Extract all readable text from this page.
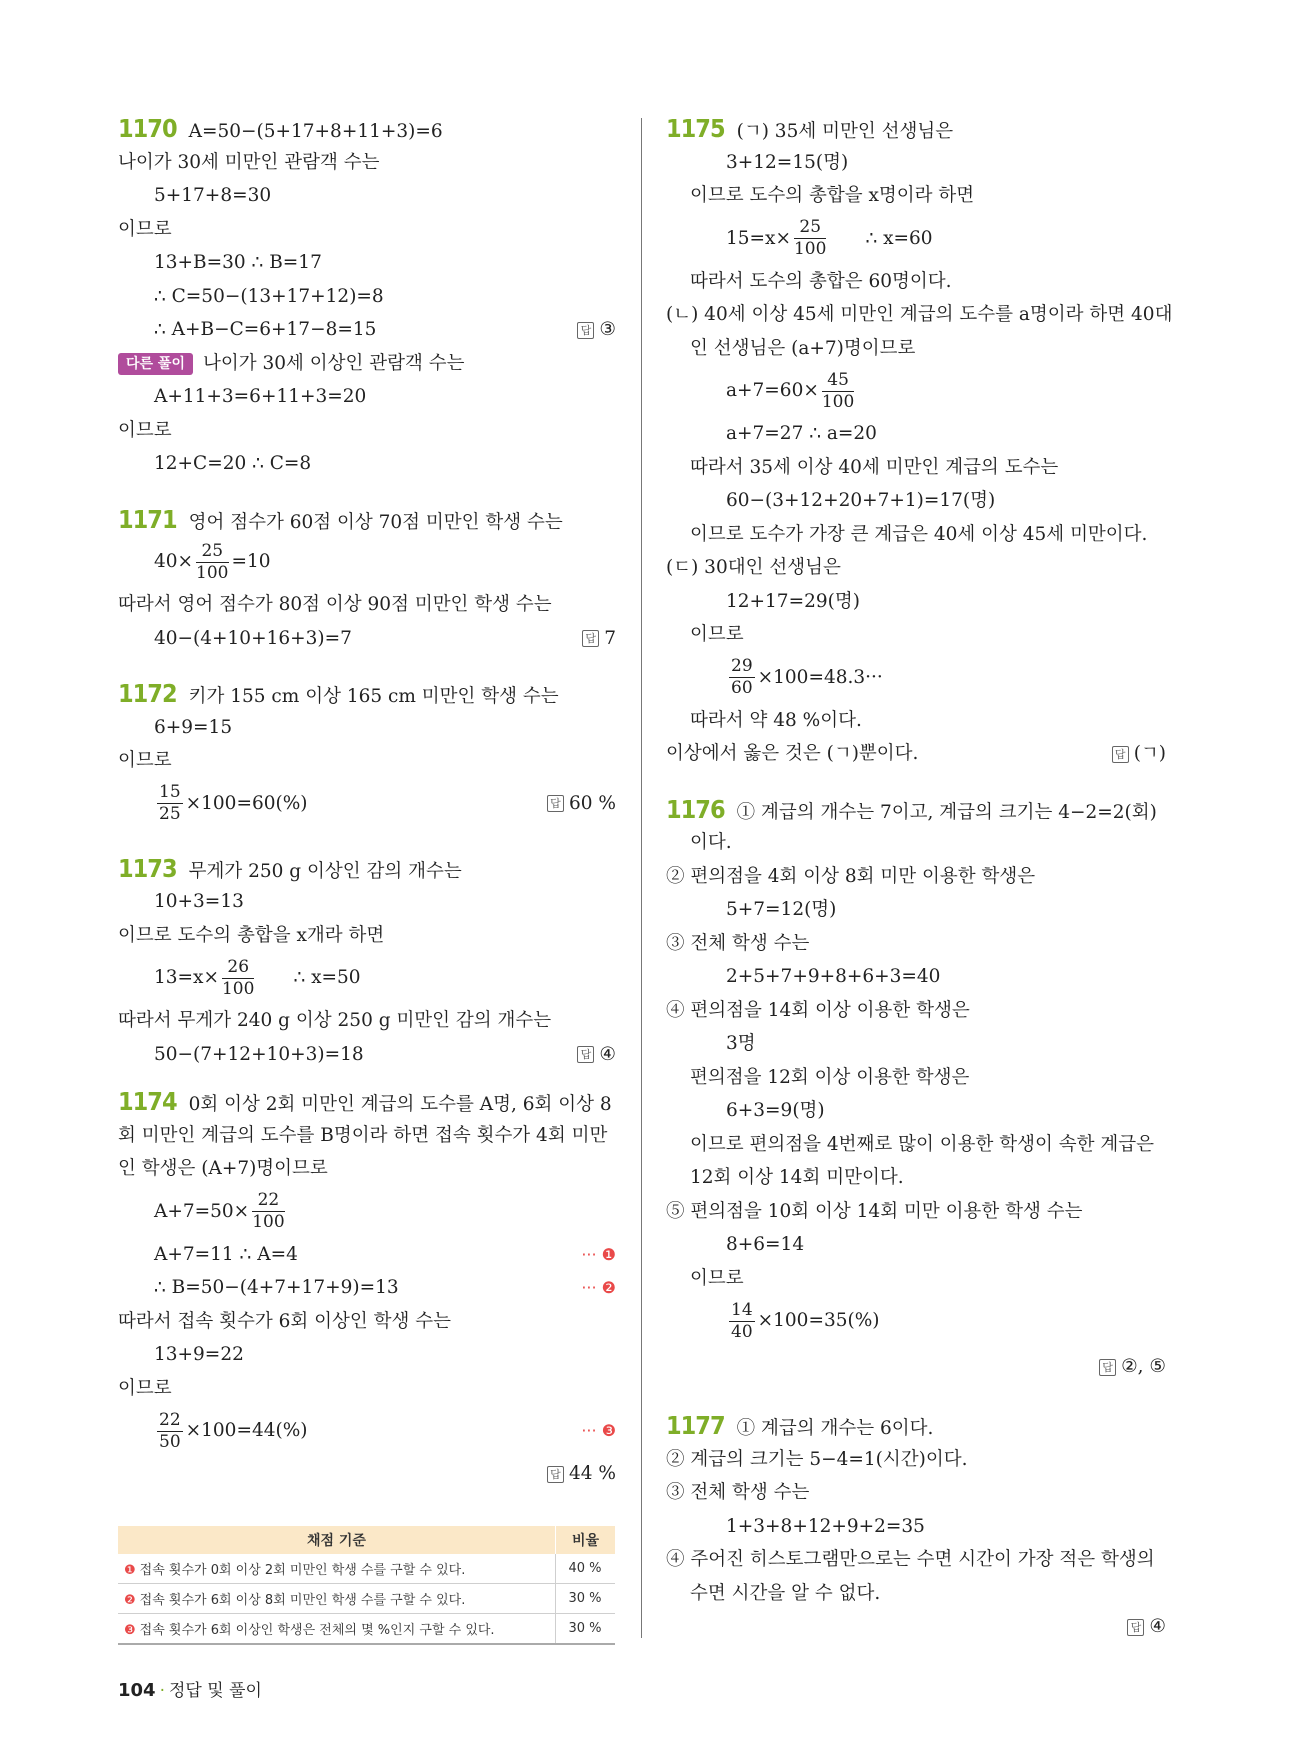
1170 A=50−(5+17+8+11+3)=6
나이가 30세 미만인 관람객 수는
5+17+8=30
이므로
13+B=30 ∴ B=17
∴ C=50−(13+17+12)=8
∴ A+B−C=6+17−8=15	답 ③
다른 풀이 나이가 30세 이상인 관람객 수는
A+11+3=6+11+3=20
이므로
12+C=20 ∴ C=8
1171 영어 점수가 60점 이상 70점 미만인 학생 수는
$40\times \frac{25}{100} =10$
따라서 영어 점수가 80점 이상 90점 미만인 학생 수는
40−(4+10+16+3)=7	답 7
1172 키가 155 cm 이상 165 cm 미만인 학생 수는
6+9=15
이므로
$\frac{15}{25} \times 100=60(\%)$	답 60 %
1173 무게가 250 g 이상인 감의 개수는
10+3=13
이므로 도수의 총합을 x개라 하면
$13=x\times \frac{26}{100}$ ∴ x=50
따라서 무게가 240 g 이상 250 g 미만인 감의 개수는
50−(7+12+10+3)=18	답 ④
1174 0회 이상 2회 미만인 계급의 도수를 A명, 6회 이상 8
회 미만인 계급의 도수를 B명이라 하면 접속 횟수가 4회 미만
인 학생은 (A+7)명이므로
$A+7=50\times \frac{22}{100}$
A+7=11 ∴ A=4	··· ❶
∴ B=50−(4+7+17+9)=13	··· ❷
따라서 접속 횟수가 6회 이상인 학생 수는
13+9=22
이므로
$\frac{22}{50} \times 100=44(\%)$	··· ❸
답 44 %
채점 기준	비율
❶ 접속 횟수가 0회 이상 2회 미만인 학생 수를 구할 수 있다.	40 %
❷ 접속 횟수가 6회 이상 8회 미만인 학생 수를 구할 수 있다.	30 %
❸ 접속 횟수가 6회 이상인 학생은 전체의 몇 %인지 구할 수 있다.	30 %
1175 (ㄱ) 35세 미만인 선생님은
3+12=15(명)
이므로 도수의 총합을 x명이라 하면
$15=x\times \frac{25}{100}$ ∴ x=60
따라서 도수의 총합은 60명이다.
(ㄴ) 40세 이상 45세 미만인 계급의 도수를 a명이라 하면 40대
인 선생님은 (a+7)명이므로
$a+7=60\times \frac{45}{100}$
a+7=27 ∴ a=20
따라서 35세 이상 40세 미만인 계급의 도수는
60−(3+12+20+7+1)=17(명)
이므로 도수가 가장 큰 계급은 40세 이상 45세 미만이다.
(ㄷ) 30대인 선생님은
12+17=29(명)
이므로
$\frac{29}{60} \times 100=48.3\cdot\cdot\cdot$
따라서 약 48 %이다.
이상에서 옳은 것은 (ㄱ)뿐이다.	답 (ㄱ)
1176 ① 계급의 개수는 7이고, 계급의 크기는 4−2=2(회)
이다.
② 편의점을 4회 이상 8회 미만 이용한 학생은
5+7=12(명)
③ 전체 학생 수는
2+5+7+9+8+6+3=40
④ 편의점을 14회 이상 이용한 학생은
3명
편의점을 12회 이상 이용한 학생은
6+3=9(명)
이므로 편의점을 4번째로 많이 이용한 학생이 속한 계급은
12회 이상 14회 미만이다.
⑤ 편의점을 10회 이상 14회 미만 이용한 학생 수는
8+6=14
이므로
$\frac{14}{40} \times 100=35(\%)$
답 ②, ⑤
1177 ① 계급의 개수는 6이다.
② 계급의 크기는 5−4=1(시간)이다.
③ 전체 학생 수는
1+3+8+12+9+2=35
④ 주어진 히스토그램만으로는 수면 시간이 가장 적은 학생의
수면 시간을 알 수 없다.
답 ④
104 · 정답 및 풀이
